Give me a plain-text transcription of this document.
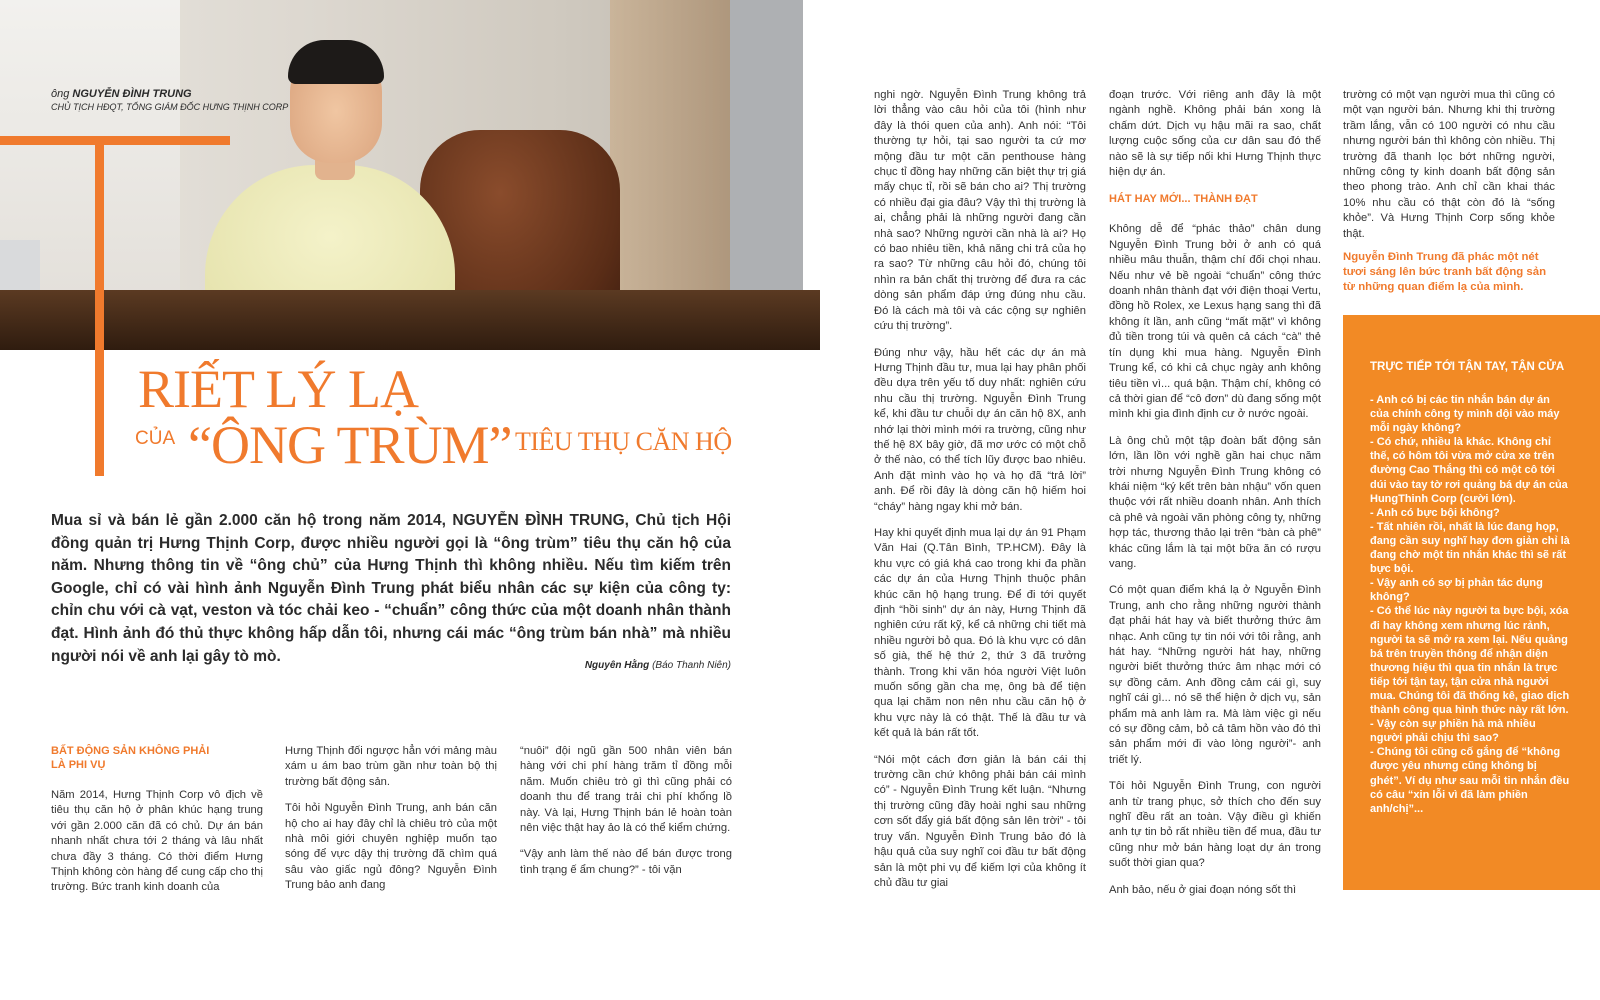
ông NGUYỄN ĐÌNH TRUNG
CHỦ TỊCH HĐQT, TỔNG GIÁM ĐỐC HƯNG THỊNH CORP
RIẾT LÝ LẠ
CỦA “ÔNG TRÙM” TIÊU THỤ CĂN HỘ
Mua sỉ và bán lẻ gần 2.000 căn hộ trong năm 2014, NGUYỄN ĐÌNH TRUNG, Chủ tịch Hội đồng quản trị Hưng Thịnh Corp, được nhiều người gọi là “ông trùm” tiêu thụ căn hộ của năm. Nhưng thông tin về “ông chủ” của Hưng Thịnh thì không nhiều. Nếu tìm kiếm trên Google, chỉ có vài hình ảnh Nguyễn Đình Trung phát biểu nhân các sự kiện của công ty: chỉn chu với cà vạt, veston và tóc chải keo - “chuẩn” công thức của một doanh nhân thành đạt. Hình ảnh đó thủ thực không hấp dẫn tôi, nhưng cái mác “ông trùm bán nhà” mà nhiều người nói về anh lại gây tò mò.
Nguyên Hằng (Báo Thanh Niên)
BẤT ĐỘNG SẢN KHÔNG PHẢI
LÀ PHI VỤ

Năm 2014, Hưng Thịnh Corp vô địch về tiêu thụ căn hộ ở phân khúc hạng trung với gần 2.000 căn đã có chủ. Dự án bán nhanh nhất chưa tới 2 tháng và lâu nhất chưa đầy 3 tháng. Có thời điểm Hưng Thịnh không còn hàng để cung cấp cho thị trường. Bức tranh kinh doanh của

Hưng Thịnh đối ngược hẳn với mảng màu xám u ám bao trùm gần như toàn bộ thị trường bất động sản.

Tôi hỏi Nguyễn Đình Trung, anh bán căn hộ cho ai hay đây chỉ là chiêu trò của một nhà môi giới chuyên nghiệp muốn tạo sóng để vực dậy thị trường đã chìm quá sâu vào giấc ngủ đông? Nguyễn Đình Trung bảo anh đang

“nuôi” đội ngũ gần 500 nhân viên bán hàng với chi phí hàng trăm tỉ đồng mỗi năm. Muốn chiêu trò gì thì cũng phải có doanh thu để trang trải chi phí khổng lồ này. Và lại, Hưng Thịnh bán lẻ hoàn toàn nên việc thật hay ảo là có thể kiểm chứng.

“Vậy anh làm thế nào để bán được trong tình trạng ế ẩm chung?” - tôi vặn

nghi ngờ. Nguyễn Đình Trung không trả lời thẳng vào câu hỏi của tôi (hình như đây là thói quen của anh). Anh nói: “Tôi thường tự hỏi, tại sao người ta cứ mơ mộng đầu tư một căn penthouse hàng chục tỉ đồng hay những căn biệt thự trị giá mấy chục tỉ, rồi sẽ bán cho ai? Thị trường có nhiều đại gia đâu? Vậy thì thị trường là ai, chẳng phải là những người đang cần nhà sao? Những người cần nhà là ai? Họ có bao nhiêu tiền, khả năng chi trả của họ ra sao? Từ những câu hỏi đó, chúng tôi nhìn ra bản chất thị trường để đưa ra các dòng sản phẩm đáp ứng đúng nhu cầu. Đó là cách mà tôi và các cộng sự nghiên cứu thị trường”.

Đúng như vậy, hầu hết các dự án mà Hưng Thịnh đầu tư, mua lại hay phân phối đều dựa trên yếu tố duy nhất: nghiên cứu nhu cầu thị trường. Nguyễn Đình Trung kể, khi đầu tư chuỗi dự án căn hộ 8X, anh nhớ lại thời mình mới ra trường, cũng như thế hệ 8X bây giờ, đã mơ ước có một chỗ ở thế nào, có thể tích lũy được bao nhiêu. Anh đặt mình vào họ và họ đã “trả lời” anh. Để rồi đây là dòng căn hộ hiếm hoi “cháy” hàng ngay khi mở bán.

Hay khi quyết định mua lại dự án 91 Phạm Văn Hai (Q.Tân Bình, TP.HCM). Đây là khu vực có giá khá cao trong khi đa phần các dự án của Hưng Thịnh thuộc phân khúc căn hộ hạng trung. Để đi tới quyết định “hồi sinh” dự án này, Hưng Thịnh đã nghiên cứu rất kỹ, kể cả những chi tiết mà nhiều người bỏ qua. Đó là khu vực có dân số già, thế hệ thứ 2, thứ 3 đã trưởng thành. Trong khi văn hóa người Việt luôn muốn sống gần cha mẹ, ông bà để tiện qua lại chăm non nên nhu cầu căn hộ ở khu vực này là có thật. Thế là đầu tư và kết quả là bán rất tốt.

“Nói một cách đơn giản là bán cái thị trường cần chứ không phải bán cái mình có” - Nguyễn Đình Trung kết luận. “Nhưng thị trường cũng đầy hoài nghi sau những cơn sốt đẩy giá bất động sản lên trời” - tôi truy vấn. Nguyễn Đình Trung bảo đó là hậu quả của suy nghĩ coi đầu tư bất động sản là một phi vụ để kiếm lợi của không ít chủ đầu tư giai

đoạn trước. Với riêng anh đây là một ngành nghề. Không phải bán xong là chấm dứt. Dịch vụ hậu mãi ra sao, chất lượng cuộc sống của cư dân sau đó thế nào sẽ là sự tiếp nối khi Hưng Thịnh thực hiện dự án.

HÁT HAY MỚI... THÀNH ĐẠT

Không dễ để “phác thảo” chân dung Nguyễn Đình Trung bởi ở anh có quá nhiều mâu thuẫn, thậm chí đối chọi nhau. Nếu như vẻ bề ngoài “chuẩn” công thức doanh nhân thành đạt với điện thoại Vertu, đồng hồ Rolex, xe Lexus hạng sang thì đã không ít lần, anh cũng “mất mặt” vì không đủ tiền trong túi và quên cả cách “cà” thẻ tín dụng khi mua hàng. Nguyễn Đình Trung kể, có khi cả chục ngày anh không tiêu tiền vì... quá bận. Thậm chí, không có cả thời gian để “cô đơn” dù đang sống một mình khi gia đình định cư ở nước ngoài.

Là ông chủ một tập đoàn bất động sản lớn, lần lồn với nghề gần hai chục năm trời nhưng Nguyễn Đình Trung không có khái niệm “ký kết trên bàn nhậu” vốn quen thuộc với rất nhiều doanh nhân. Anh thích cà phê và ngoài văn phòng công ty, những hợp tác, thương thảo lại trên “bàn cà phê” khác cũng lắm là tại một bữa ăn có rượu vang.

Có một quan điểm khá lạ ở Nguyễn Đình Trung, anh cho rằng những người thành đạt phải hát hay và biết thưởng thức âm nhạc. Anh cũng tự tin nói với tôi rằng, anh hát hay. “Những người hát hay, những người biết thưởng thức âm nhạc mới có sự đồng cảm. Anh đồng cảm cái gì, suy nghĩ cái gì... nó sẽ thể hiện ở dịch vụ, sản phẩm mà anh làm ra. Mà làm việc gì nếu có sự đồng cảm, bỏ cả tâm hồn vào đó thì sản phẩm mới đi vào lòng người”- anh triết lý.

Tôi hỏi Nguyễn Đình Trung, con người anh từ trang phục, sở thích cho đến suy nghĩ đều rất an toàn. Vậy điều gì khiến anh tự tin bỏ rất nhiều tiền để mua, đầu tư cũng như mở bán hàng loạt dự án trong suốt thời gian qua?

Anh bảo, nếu ở giai đoạn nóng sốt thì

trường có một vạn người mua thì cũng có một vạn người bán. Nhưng khi thị trường trầm lắng, vẫn có 100 người có nhu cầu nhưng người bán thì không còn nhiều. Thị trường đã thanh lọc bớt những người, những công ty kinh doanh bất động sản theo phong trào. Anh chỉ cần khai thác 10% nhu cầu có thật còn đó là “sống khỏe”. Và Hưng Thịnh Corp sống khỏe thật.

Nguyễn Đình Trung đã phác một nét tươi sáng lên bức tranh bất động sản từ những quan điểm lạ của mình.
TRỰC TIẾP TỚI TẬN TAY, TẬN CỬA
- Anh có bị các tin nhắn bán dự án của chính công ty mình dội vào máy mỗi ngày không?
- Có chứ, nhiều là khác. Không chỉ thế, có hôm tôi vừa mở cửa xe trên đường Cao Thắng thì có một cô tới dúi vào tay tờ rơi quảng bá dự án của HungThinh Corp (cười lớn).
- Anh có bực bội không?
- Tất nhiên rồi, nhất là lúc đang họp, đang cần suy nghĩ hay đơn giản chỉ là đang chờ một tin nhắn khác thì sẽ rất bực bội.
- Vậy anh có sợ bị phản tác dụng không?
- Có thể lúc này người ta bực bội, xóa đi hay không xem nhưng lúc rảnh, người ta sẽ mở ra xem lại. Nếu quảng bá trên truyền thông để nhận diện thương hiệu thì qua tin nhắn là trực tiếp tới tận tay, tận cửa nhà người mua. Chúng tôi đã thống kê, giao dịch thành công qua hình thức này rất lớn.
- Vậy còn sự phiền hà mà nhiều người phải chịu thì sao?
- Chúng tôi cũng cố gắng để “không được yêu nhưng cũng không bị ghét”. Ví dụ như sau mỗi tin nhắn đều có câu “xin lỗi vì đã làm phiền anh/chị”...
